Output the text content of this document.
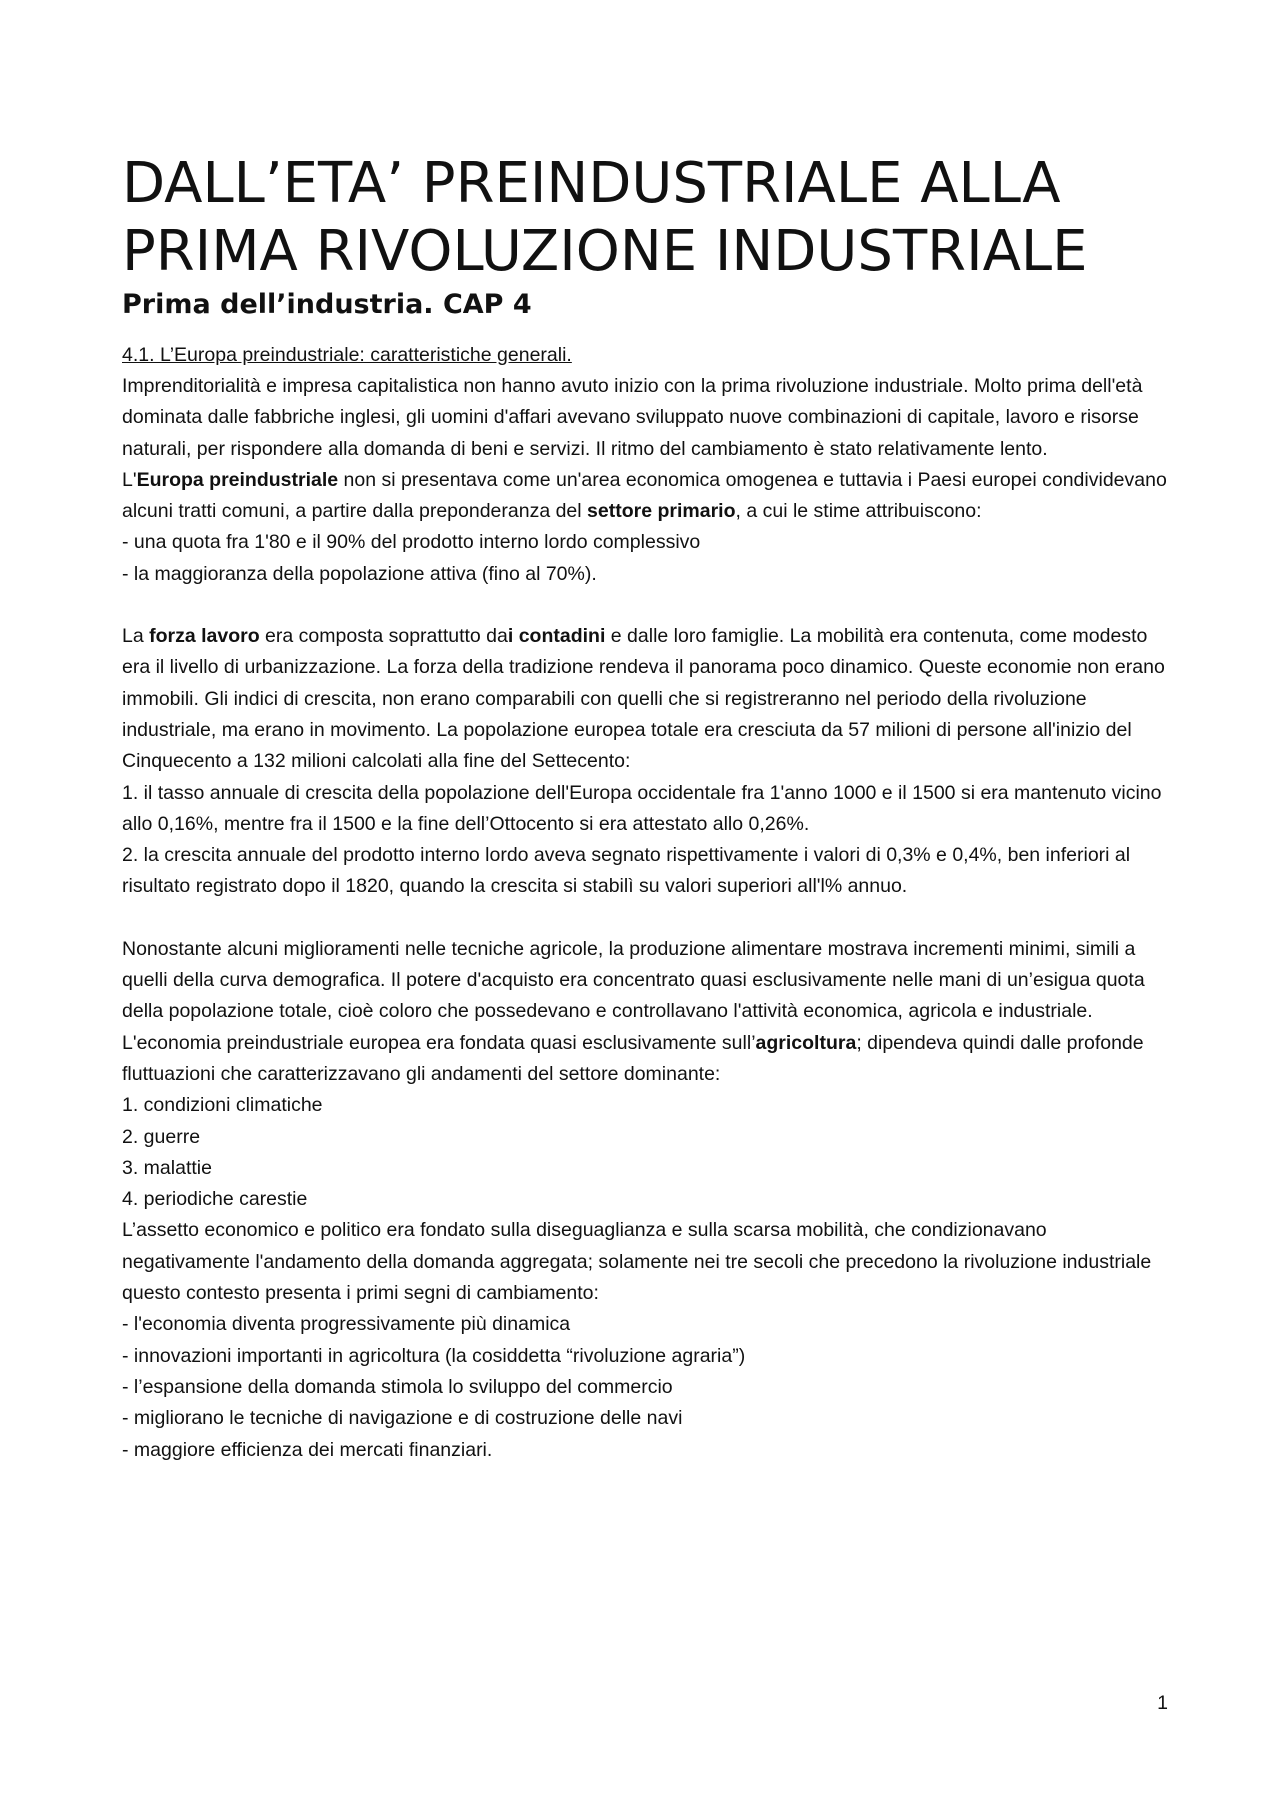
DALL’ETA’ PREINDUSTRIALE ALLA PRIMA RIVOLUZIONE INDUSTRIALE
Prima dell’industria. CAP 4
4.1. L’Europa preindustriale: caratteristiche generali.

Imprenditorialità e impresa capitalistica non hanno avuto inizio con la prima rivoluzione industriale. Molto prima dell'età dominata dalle fabbriche inglesi, gli uomini d'affari avevano sviluppato nuove combinazioni di capitale, lavoro e risorse naturali, per rispondere alla domanda di beni e servizi. Il ritmo del cambiamento è stato relativamente lento.

L'Europa preindustriale non si presentava come un'area economica omogenea e tuttavia i Paesi europei condividevano alcuni tratti comuni, a partire dalla preponderanza del settore primario, a cui le stime attribuiscono:

- una quota fra 1'80 e il 90% del prodotto interno lordo complessivo
- la maggioranza della popolazione attiva (fino al 70%).

La forza lavoro era composta soprattutto dai contadini e dalle loro famiglie. La mobilità era contenuta, come modesto era il livello di urbanizzazione. La forza della tradizione rendeva il panorama poco dinamico. Queste economie non erano immobili. Gli indici di crescita, non erano comparabili con quelli che si registreranno nel periodo della rivoluzione industriale, ma erano in movimento. La popolazione europea totale era cresciuta da 57 milioni di persone all'inizio del Cinquecento a 132 milioni calcolati alla fine del Settecento:

1. il tasso annuale di crescita della popolazione dell'Europa occidentale fra 1'anno 1000 e il 1500 si era mantenuto vicino allo 0,16%, mentre fra il 1500 e la fine dell’Ottocento si era attestato allo 0,26%.

2. la crescita annuale del prodotto interno lordo aveva segnato rispettivamente i valori di 0,3% e 0,4%, ben inferiori al risultato registrato dopo il 1820, quando la crescita si stabilì su valori superiori all'l% annuo.

Nonostante alcuni miglioramenti nelle tecniche agricole, la produzione alimentare mostrava incrementi minimi, simili a quelli della curva demografica. Il potere d'acquisto era concentrato quasi esclusivamente nelle mani di un’esigua quota della popolazione totale, cioè coloro che possedevano e controllavano l'attività economica, agricola e industriale. L'economia preindustriale europea era fondata quasi esclusivamente sull’agricoltura; dipendeva quindi dalle profonde fluttuazioni che caratterizzavano gli andamenti del settore dominante:

1. condizioni climatiche
2. guerre
3. malattie
4. periodiche carestie

L’assetto economico e politico era fondato sulla diseguaglianza e sulla scarsa mobilità, che condizionavano negativamente l'andamento della domanda aggregata; solamente nei tre secoli che precedono la rivoluzione industriale questo contesto presenta i primi segni di cambiamento:

- l'economia diventa progressivamente più dinamica
- innovazioni importanti in agricoltura (la cosiddetta “rivoluzione agraria”)
- l’espansione della domanda stimola lo sviluppo del commercio
- migliorano le tecniche di navigazione e di costruzione delle navi
- maggiore efficienza dei mercati finanziari.
1
